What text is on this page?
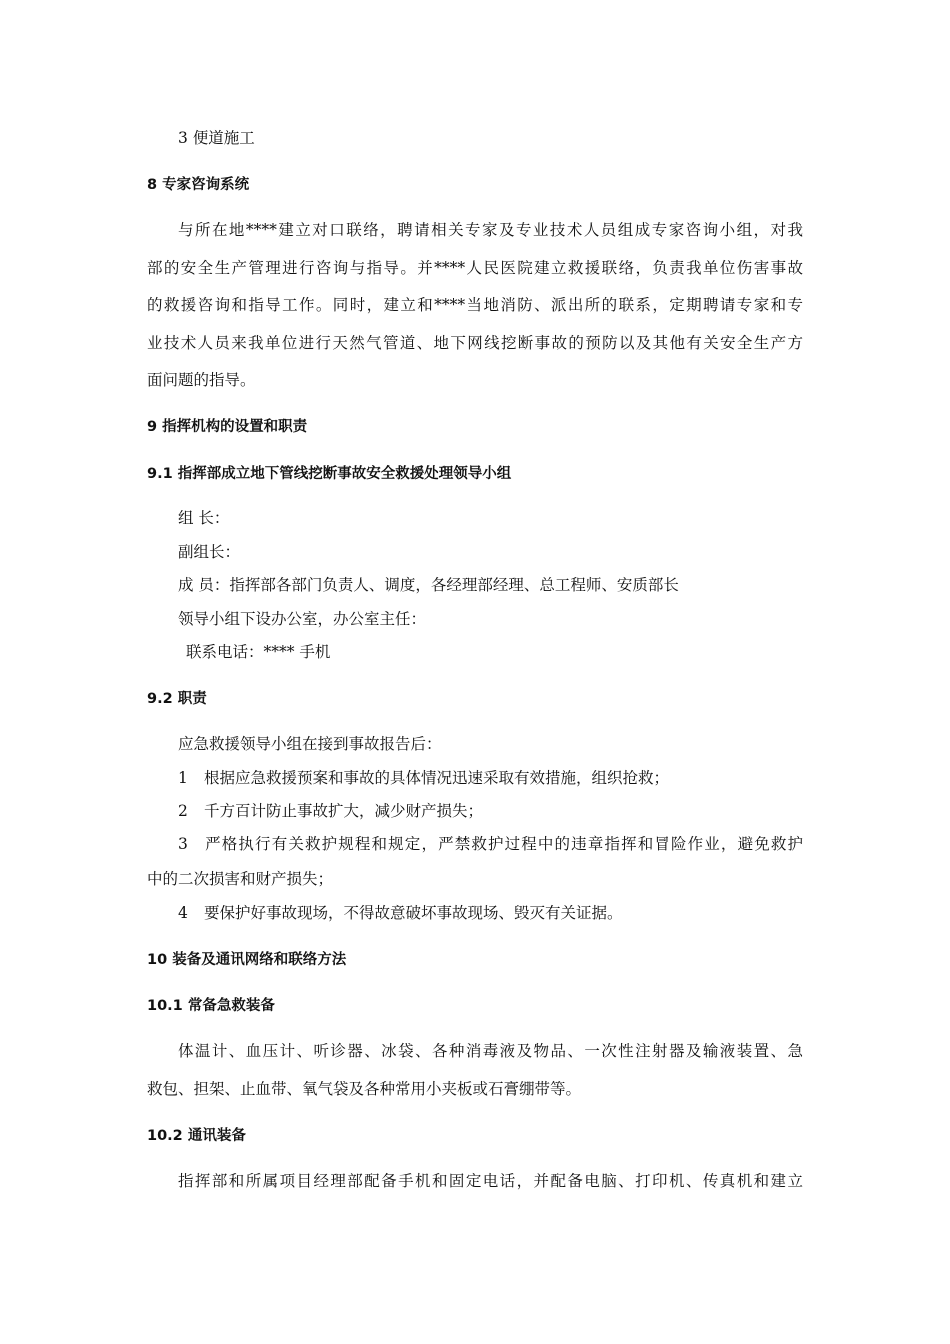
3 便道施工
8 专家咨询系统
与所在地****建立对口联络，聘请相关专家及专业技术人员组成专家咨询小组，对我
部的安全生产管理进行咨询与指导。并****人民医院建立救援联络，负责我单位伤害事故
的救援咨询和指导工作。同时，建立和****当地消防、派出所的联系，定期聘请专家和专
业技术人员来我单位进行天然气管道、地下网线挖断事故的预防以及其他有关安全生产方
面问题的指导。
9 指挥机构的设置和职责
9.1 指挥部成立地下管线挖断事故安全救援处理领导小组
组 长：
副组长：
成 员：指挥部各部门负责人、调度，各经理部经理、总工程师、安质部长
领导小组下设办公室，办公室主任：
联系电话：**** 手机
9.2 职责
应急救援领导小组在接到事故报告后：
1 根据应急救援预案和事故的具体情况迅速采取有效措施，组织抢救；
2 千方百计防止事故扩大，减少财产损失；
3 严格执行有关救护规程和规定，严禁救护过程中的违章指挥和冒险作业，避免救护
中的二次损害和财产损失；
4 要保护好事故现场，不得故意破坏事故现场、毁灭有关证据。
10 装备及通讯网络和联络方法
10.1 常备急救装备
体温计、血压计、听诊器、冰袋、各种消毒液及物品、一次性注射器及输液装置、急
救包、担架、止血带、氧气袋及各种常用小夹板或石膏绷带等。
10.2 通讯装备
指挥部和所属项目经理部配备手机和固定电话，并配备电脑、打印机、传真机和建立
